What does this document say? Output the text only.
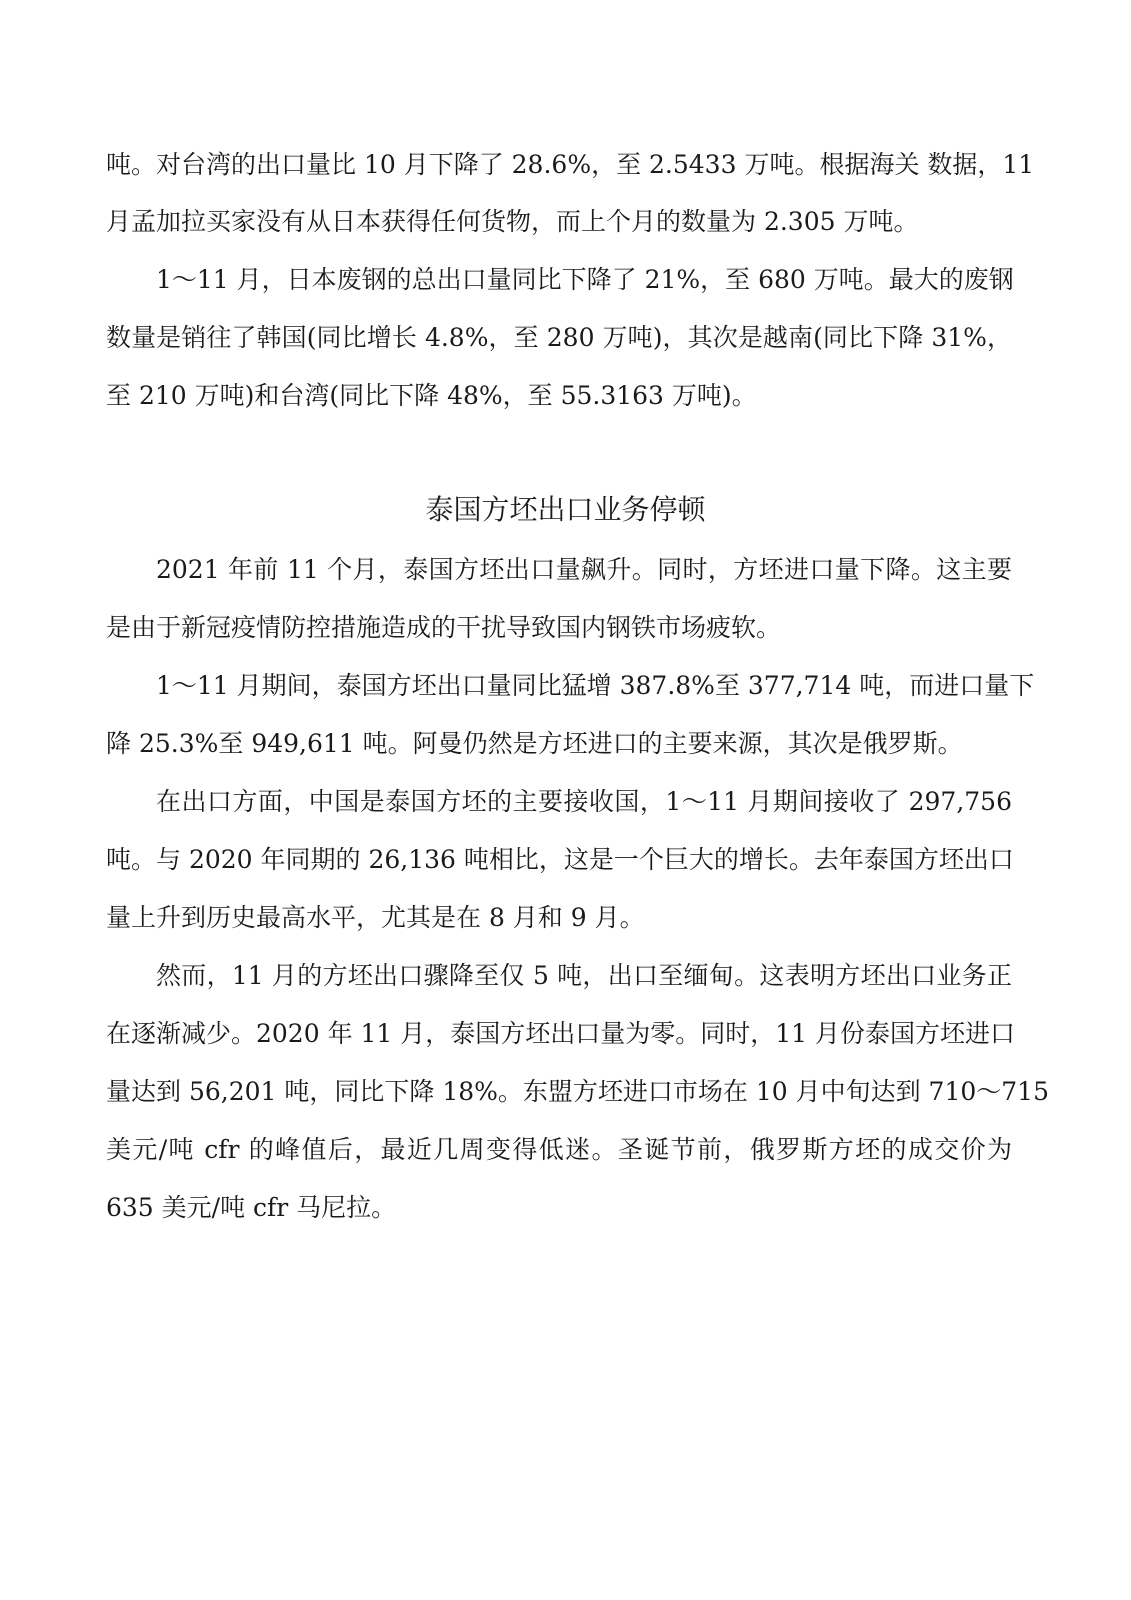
吨。对台湾的出口量比 10 月下降了 28.6%，至 2.5433 万吨。根据海关 数据，11
月孟加拉买家没有从日本获得任何货物，而上个月的数量为 2.305 万吨。
1～11 月，日本废钢的总出口量同比下降了 21%，至 680 万吨。最大的废钢
数量是销往了韩国(同比增长 4.8%，至 280 万吨)，其次是越南(同比下降 31%，
至 210 万吨)和台湾(同比下降 48%，至 55.3163 万吨)。
泰国方坯出口业务停顿
2021 年前 11 个月，泰国方坯出口量飙升。同时，方坯进口量下降。这主要
是由于新冠疫情防控措施造成的干扰导致国内钢铁市场疲软。
1～11 月期间，泰国方坯出口量同比猛增 387.8%至 377,714 吨，而进口量下
降 25.3%至 949,611 吨。阿曼仍然是方坯进口的主要来源，其次是俄罗斯。
在出口方面，中国是泰国方坯的主要接收国，1～11 月期间接收了 297,756
吨。与 2020 年同期的 26,136 吨相比，这是一个巨大的增长。去年泰国方坯出口
量上升到历史最高水平，尤其是在 8 月和 9 月。
然而，11 月的方坯出口骤降至仅 5 吨，出口至缅甸。这表明方坯出口业务正
在逐渐减少。2020 年 11 月，泰国方坯出口量为零。同时，11 月份泰国方坯进口
量达到 56,201 吨，同比下降 18%。东盟方坯进口市场在 10 月中旬达到 710～715
美元/吨 cfr 的峰值后，最近几周变得低迷。圣诞节前，俄罗斯方坯的成交价为
635 美元/吨 cfr 马尼拉。
